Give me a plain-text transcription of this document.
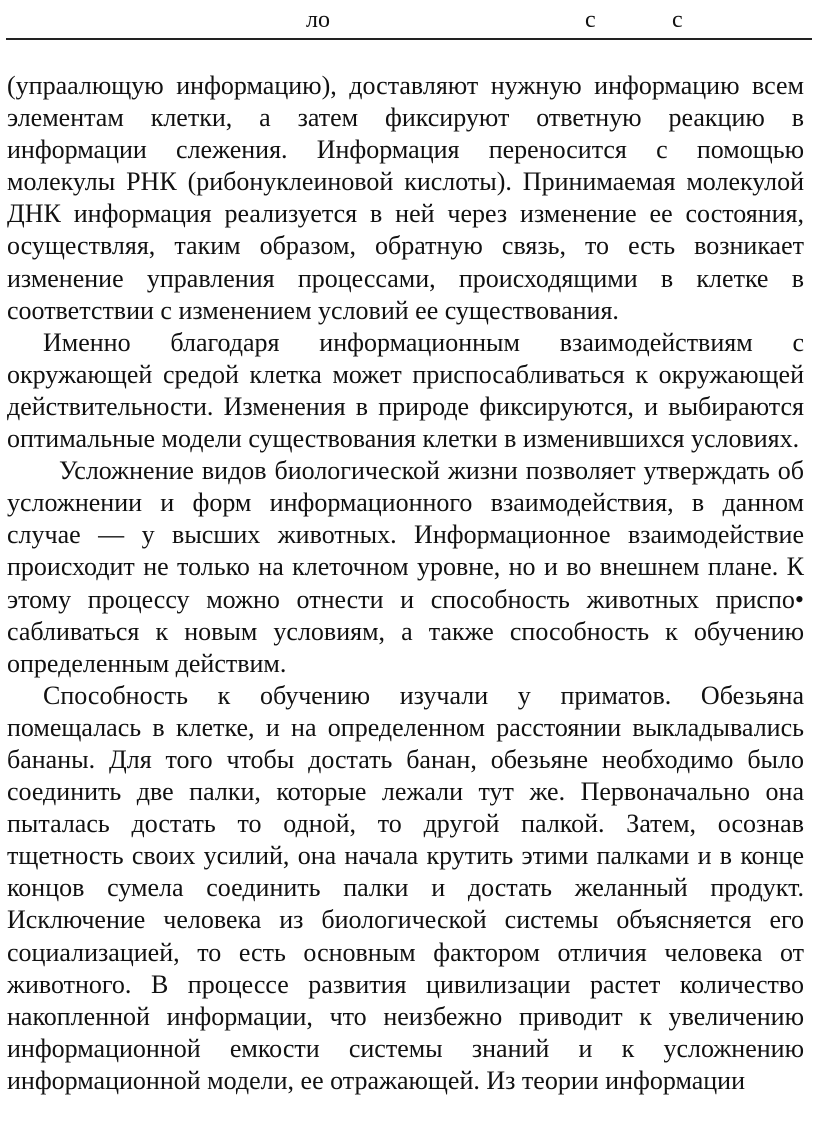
ло	с	с

(упраалющую информацию), доставляют нужную информацию всем элементам клетки, а затем фиксируют ответную реакцию в информации слежения. Информация переносится с помощью молекулы РНК (рибонуклеиновой кислоты). Принимаемая молекулой ДНК информация реализуется в ней через изменение ее состояния, осуществляя, таким образом, обратную связь, то есть возникает изменение управления процессами, происходящими в клетке в соответствии с изменением условий ее существования.

Именно благодаря информационным взаимодействиям с окружающей средой клетка может приспосабливаться к окружающей действительности. Изменения в природе фиксируются, и выбираются оптимальные модели существования клетки в изменившихся условиях.

Усложнение видов биологической жизни позволяет утверждать об усложнении и форм информационного взаимодействия, в данном случае — у высших животных. Информационное взаимодействие происходит не только на клеточном уровне, но и во внешнем плане. К этому процессу можно отнести и способность животных приспо• сабливаться к новым условиям, а также способность к обучению определенным действим.

Способность к обучению изучали у приматов. Обезьяна помещалась в клетке, и на определенном расстоянии выкладывались бананы. Для того чтобы достать банан, обезьяне необходимо было соединить две палки, которые лежали тут же. Первоначально она пыталась достать то одной, то другой палкой. Затем, осознав тщетность своих усилий, она начала крутить этими палками и в конце концов сумела соединить палки и достать желанный продукт. Исключение человека из биологической системы объясняется его социализацией, то есть основным фактором отличия человека от животного. В процессе развития цивилизации растет количество накопленной информации, что неизбежно приводит к увеличению информационной емкости системы знаний и к усложнению информационной модели, ее отражающей. Из теории информации
